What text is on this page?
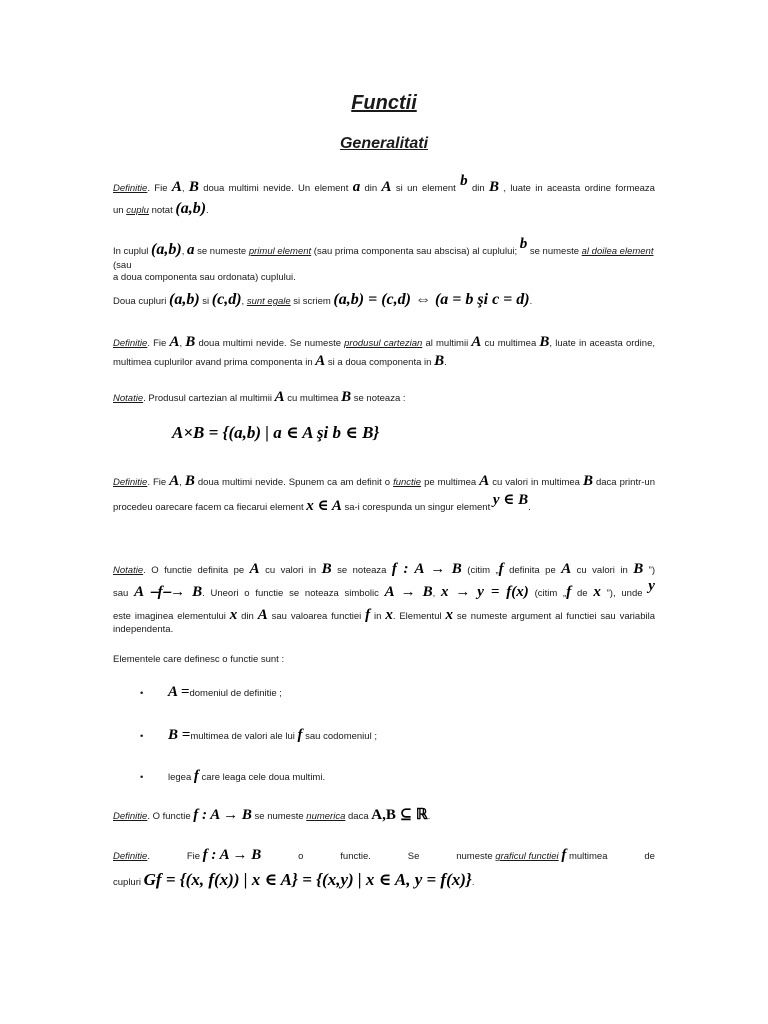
Functii
Generalitati
Definitie. Fie A, B doua multimi nevide. Un element a din A si un element b din B , luate in aceasta ordine formeaza
un cuplu notat (a,b).
In cuplul (a,b), a se numeste primul element (sau prima componenta sau abscisa) al cuplului; b se numeste al doilea element (sau
a doua componenta sau ordonata) cuplului.
Doua cupluri (a,b) si (c,d), sunt egale si scriem (a,b) = (c,d) ⇔ (a = b şi c = d).
Definitie. Fie A, B doua multimi nevide. Se numeste produsul cartezian al multimii A cu multimea B, luate in aceasta ordine,
multimea cuplurilor avand prima componenta in A si a doua componenta in B.
Notatie. Produsul cartezian al multimii A cu multimea B se noteaza :
A×B = {(a,b) | a ∈ A şi b ∈ B}
Definitie. Fie A, B doua multimi nevide. Spunem ca am definit o functie pe multimea A cu valori in multimea B daca printr-un
procedeu oarecare facem ca fiecarui element x ∈ A sa-i corespunda un singur element y ∈ B.
Notatie. O functie definita pe A cu valori in B se noteaza f : A → B (citim „f definita pe A cu valori in B ”)
sau A ⎯f⎯→ B. Uneori o functie se noteaza simbolic A → B, x → y = f(x) (citim „f de x ”), unde y
este imaginea elementului x din A sau valoarea functiei f in x. Elementul x se numeste argument al functiei sau variabila
independenta.
Elementele care definesc o functie sunt :
• A =domeniul de definitie ;
• B =multimea de valori ale lui f sau codomeniul ;
•	legea f care leaga cele doua multimi.
Definitie. O functie f : A → B se numeste numerica daca A,B ⊆ ℝ.
Definitie.	Fie f : A → B	o	functie.	Se	numeste graficul functiei f multimea	de
cupluri Gf = {(x, f(x)) | x ∈ A} = {(x,y) | x ∈ A, y = f(x)}.
